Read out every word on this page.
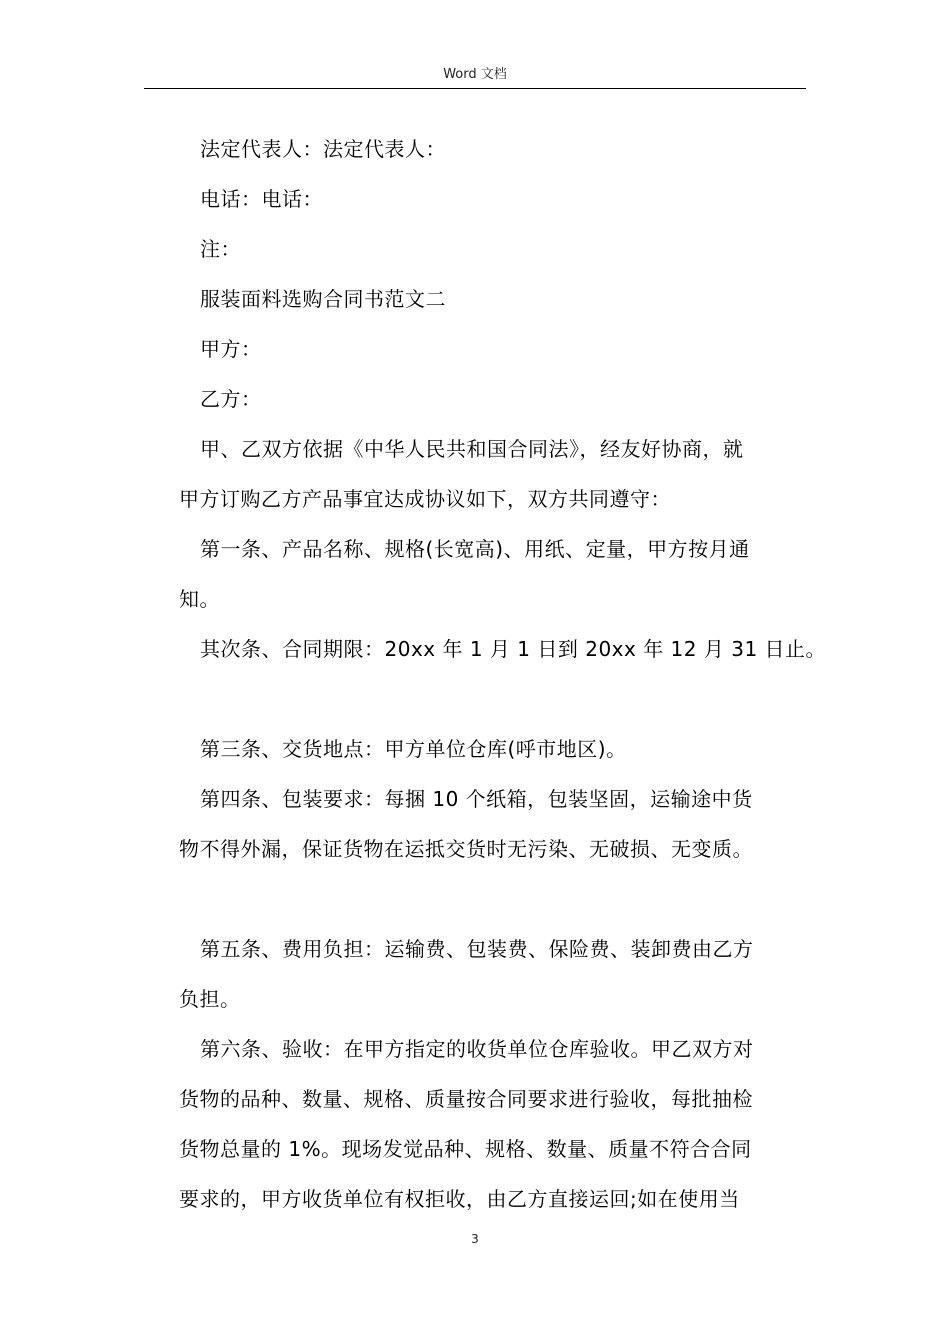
Word 文档

法定代表人：法定代表人：

电话：电话：

注：

服装面料选购合同书范文二

甲方：

乙方：

甲、乙双方依据《中华人民共和国合同法》，经友好协商，就

甲方订购乙方产品事宜达成协议如下，双方共同遵守：

第一条、产品名称、规格(长宽高)、用纸、定量，甲方按月通

知。

其次条、合同期限：20xx 年 1 月 1 日到 20xx 年 12 月 31 日止。

第三条、交货地点：甲方单位仓库(呼市地区)。

第四条、包装要求：每捆 10 个纸箱，包装坚固，运输途中货

物不得外漏，保证货物在运抵交货时无污染、无破损、无变质。

第五条、费用负担：运输费、包装费、保险费、装卸费由乙方

负担。

第六条、验收：在甲方指定的收货单位仓库验收。甲乙双方对

货物的品种、数量、规格、质量按合同要求进行验收，每批抽检

货物总量的 1%。现场发觉品种、规格、数量、质量不符合合同

要求的，甲方收货单位有权拒收，由乙方直接运回;如在使用当

3
